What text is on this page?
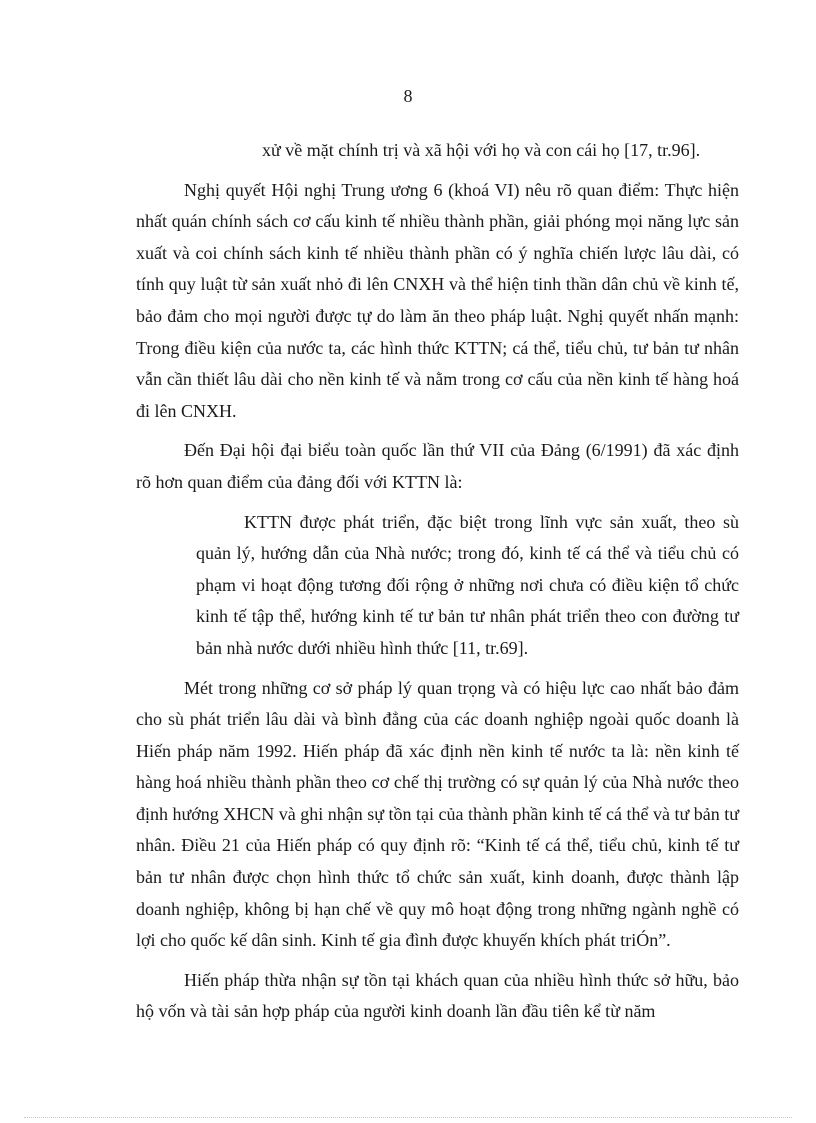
8

xử về mặt chính trị và xã hội với họ và con cái họ [17, tr.96].

Nghị quyết Hội nghị Trung ương 6 (khoá VI) nêu rõ quan điểm: Thực hiện nhất quán chính sách cơ cấu kinh tế nhiều thành phần, giải phóng mọi năng lực sản xuất và coi chính sách kinh tế nhiều thành phần có ý nghĩa chiến lược lâu dài, có tính quy luật từ sản xuất nhỏ đi lên CNXH và thể hiện tinh thần dân chủ về kinh tế, bảo đảm cho mọi người được tự do làm ăn theo pháp luật. Nghị quyết nhấn mạnh: Trong điều kiện của nước ta, các hình thức KTTN; cá thể, tiểu chủ, tư bản tư nhân vẫn cần thiết lâu dài cho nền kinh tế và nằm trong cơ cấu của nền kinh tế hàng hoá đi lên CNXH.

Đến Đại hội đại biểu toàn quốc lần thứ VII của Đảng (6/1991) đã xác định rõ hơn quan điểm của đảng đối với KTTN là:

KTTN được phát triển, đặc biệt trong lĩnh vực sản xuất, theo sù quản lý, hướng dẫn của Nhà nước; trong đó, kinh tế cá thể và tiểu chủ có phạm vi hoạt động tương đối rộng ở những nơi chưa có điều kiện tổ chức kinh tế tập thể, hướng kinh tế tư bản tư nhân phát triển theo con đường tư bản nhà nước dưới nhiều hình thức [11, tr.69].

Mét trong những cơ sở pháp lý quan trọng và có hiệu lực cao nhất bảo đảm cho sù phát triển lâu dài và bình đẳng của các doanh nghiệp ngoài quốc doanh là Hiến pháp năm 1992. Hiến pháp đã xác định nền kinh tế nước ta là: nền kinh tế hàng hoá nhiều thành phần theo cơ chế thị trường có sự quản lý của Nhà nước theo định hướng XHCN và ghi nhận sự tồn tại của thành phần kinh tế cá thể và tư bản tư nhân. Điều 21 của Hiến pháp có quy định rõ: “Kinh tế cá thể, tiểu chủ, kinh tế tư bản tư nhân được chọn hình thức tổ chức sản xuất, kinh doanh, được thành lập doanh nghiệp, không bị hạn chế về quy mô hoạt động trong những ngành nghề có lợi cho quốc kế dân sinh. Kinh tế gia đình được khuyến khích phát triÓn”.

Hiến pháp thừa nhận sự tồn tại khách quan của nhiều hình thức sở hữu, bảo hộ vốn và tài sản hợp pháp của người kinh doanh lần đầu tiên kể từ năm
